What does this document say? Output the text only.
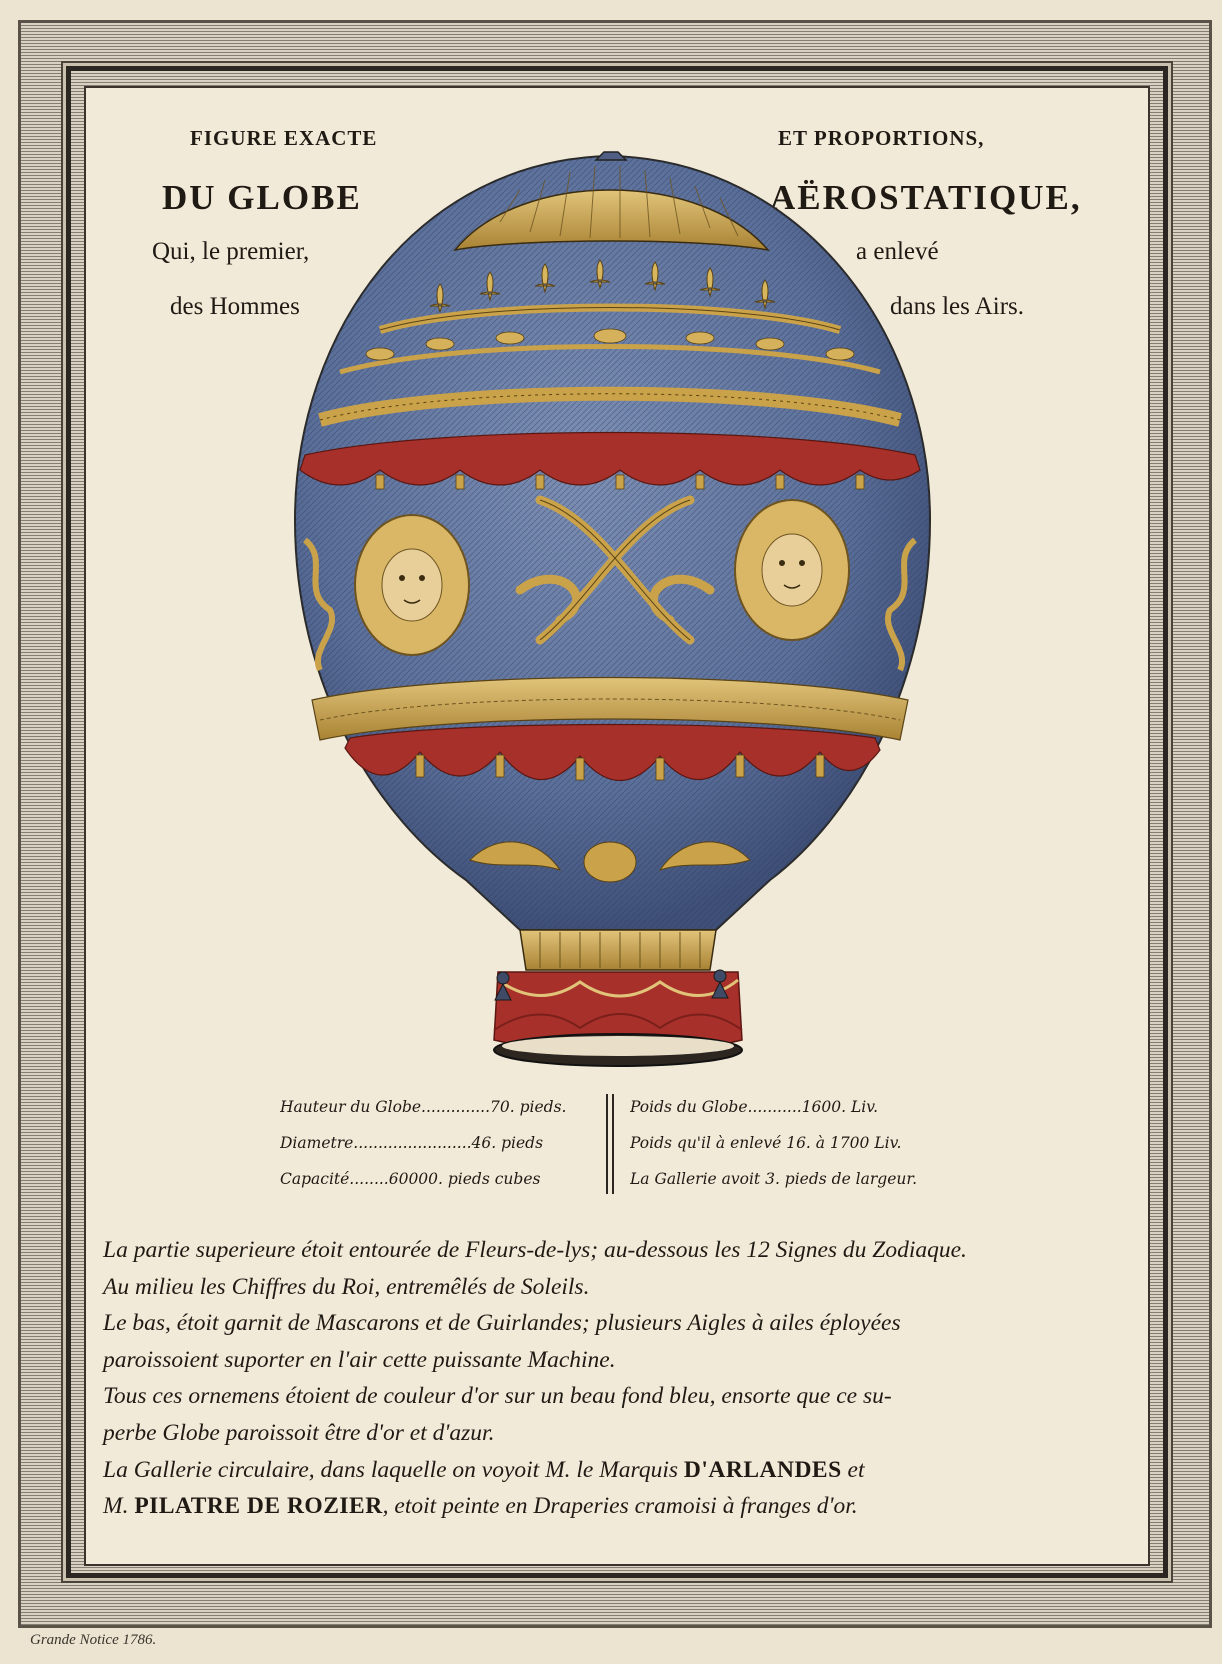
FIGURE EXACTE	ET PROPORTIONS,
DU GLOBE	AËROSTATIQUE,
Qui, le premier,	a enlevé
des Hommes	dans les Airs.
Hauteur du Globe..............70. pieds.
Diametre........................46. pieds
Capacité........60000. pieds cubes
Poids du Globe...........1600. Liv.
Poids qu'il à enlevé 16. à 1700 Liv.
La Gallerie avoit 3. pieds de largeur.
La partie superieure étoit entourée de Fleurs-de-lys; au-dessous les 12 Signes du Zodiaque.
Au milieu les Chiffres du Roi, entremêlés de Soleils.
Le bas, étoit garnit de Mascarons et de Guirlandes; plusieurs Aigles à ailes éployées
paroissoient suporter en l'air cette puissante Machine.
Tous ces ornemens étoient de couleur d'or sur un beau fond bleu, ensorte que ce su-
perbe Globe paroissoit être d'or et d'azur.
La Gallerie circulaire, dans laquelle on voyoit M. le Marquis D'ARLANDES et
M. PILATRE DE ROZIER, etoit peinte en Draperies cramoisi à franges d'or.
Grande Notice 1786.
